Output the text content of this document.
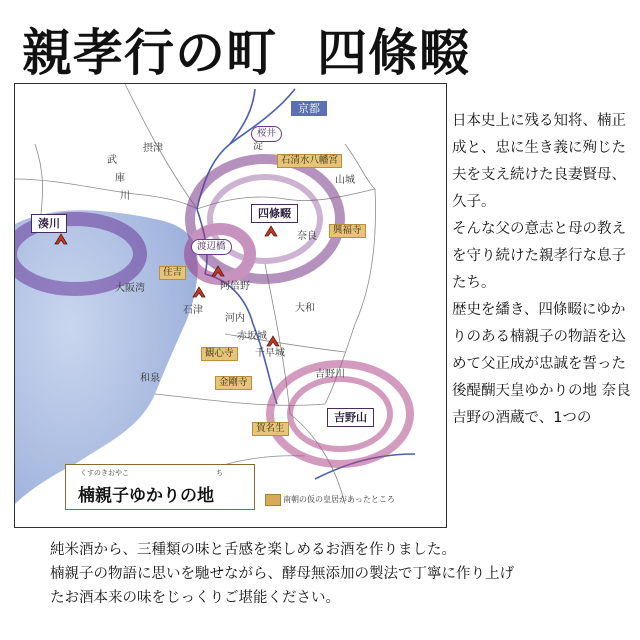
親孝行の町 四條畷
摂津	淀
武
庫
川
山城
奈良
大阪湾	阿倍野
石津
河内
大和
赤坂城
千早城
和泉	吉野川
京都
桜井
石清水八幡宮
四條畷
湊川
渡辺橋
住吉
興福寺
観心寺
金剛寺
吉野山
賀名生
くすのきおやこ	ち
楠親子ゆかりの地	南朝の仮の皇居があったところ
日本史上に残る知将、楠正成と、忠に生き義に殉じた夫を支え続けた良妻賢母、久子。
そんな父の意志と母の教えを守り続けた親孝行な息子たち。
歴史を繙き、四條畷にゆかりのある楠親子の物語を込めて父正成が忠誠を誓った後醍醐天皇ゆかりの地 奈良吉野の酒蔵で、1つの
純米酒から、三種類の味と舌感を楽しめるお酒を作りました。
楠親子の物語に思いを馳せながら、酵母無添加の製法で丁寧に作り上げ
たお酒本来の味をじっくりご堪能ください。
